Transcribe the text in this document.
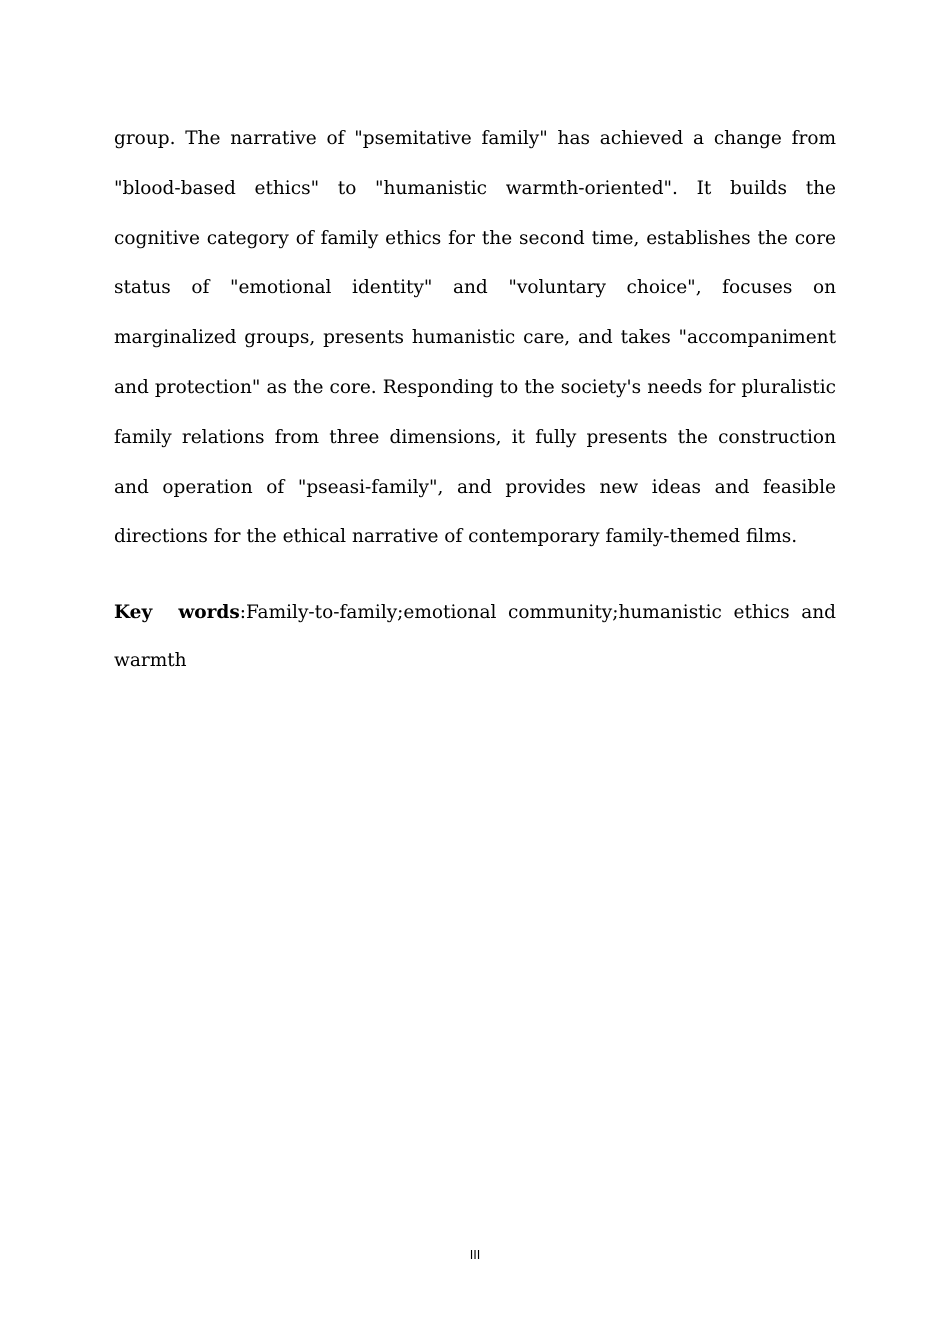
group. The narrative of "psemitative family" has achieved a change from "blood-based ethics" to "humanistic warmth-oriented". It builds the cognitive category of family ethics for the second time, establishes the core status of "emotional identity" and "voluntary choice", focuses on marginalized groups, presents humanistic care, and takes "accompaniment and protection" as the core. Responding to the society's needs for pluralistic family relations from three dimensions, it fully presents the construction and operation of "pseasi-family", and provides new ideas and feasible directions for the ethical narrative of contemporary family-themed films.

Key words:Family-to-family;emotional community;humanistic ethics and warmth

III
